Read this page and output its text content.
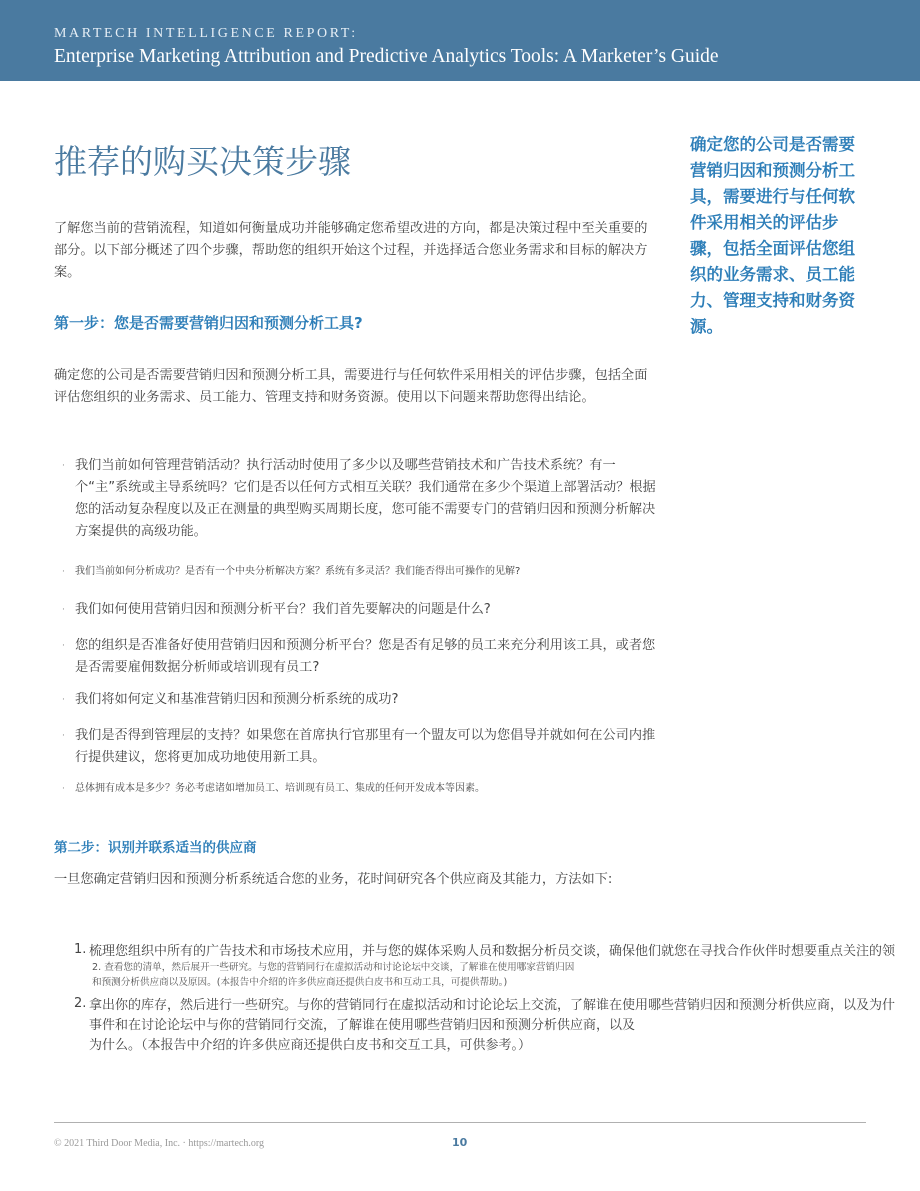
MARTECH INTELLIGENCE REPORT:
Enterprise Marketing Attribution and Predictive Analytics Tools: A Marketer’s Guide
推荐的购买决策步骤

了解您当前的营销流程，知道如何衡量成功并能够确定您希望改进的方向，都是决策过程中至关重要的部分。以下部分概述了四个步骤，帮助您的组织开始这个过程，并选择适合您业务需求和目标的解决方案。

第一步：您是否需要营销归因和预测分析工具?

确定您的公司是否需要营销归因和预测分析工具，需要进行与任何软件采用相关的评估步骤，包括全面评估您组织的业务需求、员工能力、管理支持和财务资源。使用以下问题来帮助您得出结论。

· 我们当前如何管理营销活动？执行活动时使用了多少以及哪些营销技术和广告技术系统？有一个“主”系统或主导系统吗？它们是否以任何方式相互关联？我们通常在多少个渠道上部署活动？根据您的活动复杂程度以及正在测量的典型购买周期长度，您可能不需要专门的营销归因和预测分析解决方案提供的高级功能。
·	我们当前如何分析成功？是否有一个中央分析解决方案？系统有多灵活？我们能否得出可操作的见解?
· 我们如何使用营销归因和预测分析平台？我们首先要解决的问题是什么?
· 您的组织是否准备好使用营销归因和预测分析平台？您是否有足够的员工来充分利用该工具，或者您是否需要雇佣数据分析师或培训现有员工?
· 我们将如何定义和基准营销归因和预测分析系统的成功?
· 我们是否得到管理层的支持？如果您在首席执行官那里有一个盟友可以为您倡导并就如何在公司内推行提供建议，您将更加成功地使用新工具。
·	总体拥有成本是多少？务必考虑诸如增加员工、培训现有员工、集成的任何开发成本等因素。
确定您的公司是否需要营销归因和预测分析工具，需要进行与任何软件采用相关的评估步骤，包括全面评估您组织的业务需求、员工能力、管理支持和财务资源。
第二步：识别并联系适当的供应商

一旦您确定营销归因和预测分析系统适合您的业务，花时间研究各个供应商及其能力，方法如下:

1. 梳理您组织中所有的广告技术和市场技术应用，并与您的媒体采购人员和数据分析员交谈，确保他们就您在寻找合作伙伴时想要重点关注的领
2. 拿出你的库存，然后进行一些研究。与你的营销同行在虚拟活动和讨论论坛上交流，了解谁在使用哪些营销归因和预测分析供应商，以及为什
事件和在讨论论坛中与你的营销同行交流，了解谁在使用哪些营销归因和预测分析供应商，以及
为什么。（本报告中介绍的许多供应商还提供白皮书和交互工具，可供参考。）
2. 查看您的清单，然后展开一些研究。与您的营销同行在虚拟活动和讨论论坛中交谈，了解谁在使用哪家营销归因
和预测分析供应商以及原因。(本报告中介绍的许多供应商还提供白皮书和互动工具，可提供帮助。)
© 2021 Third Door Media, Inc. · https://martech.org	10
